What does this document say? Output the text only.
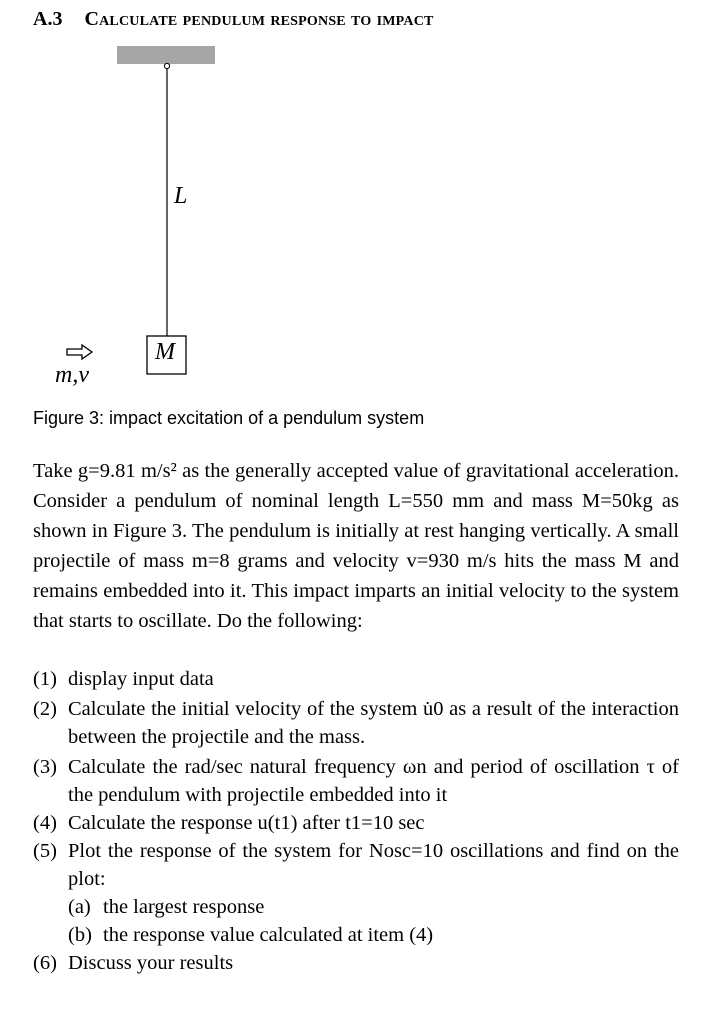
A.3 Calculate pendulum response to impact
L
M
m,v
Figure 3: impact excitation of a pendulum system

Take g=9.81 m/s² as the generally accepted value of gravitational acceleration. Consider a pendulum of nominal length L=550 mm and mass M=50kg as shown in Figure 3. The pendulum is initially at rest hanging vertically. A small projectile of mass m=8 grams and velocity v=930 m/s hits the mass M and remains embedded into it. This impact imparts an initial velocity to the system that starts to oscillate. Do the following:

(1) display input data
(2) Calculate the initial velocity of the system u̇0 as a result of the interaction between the projectile and the mass.
(3) Calculate the rad/sec natural frequency ωn and period of oscillation τ of the pendulum with projectile embedded into it
(4) Calculate the response u(t1) after t1=10 sec
(5) Plot the response of the system for Nosc=10 oscillations and find on the plot:
(a) the largest response
(b) the response value calculated at item (4)
(6) Discuss your results
